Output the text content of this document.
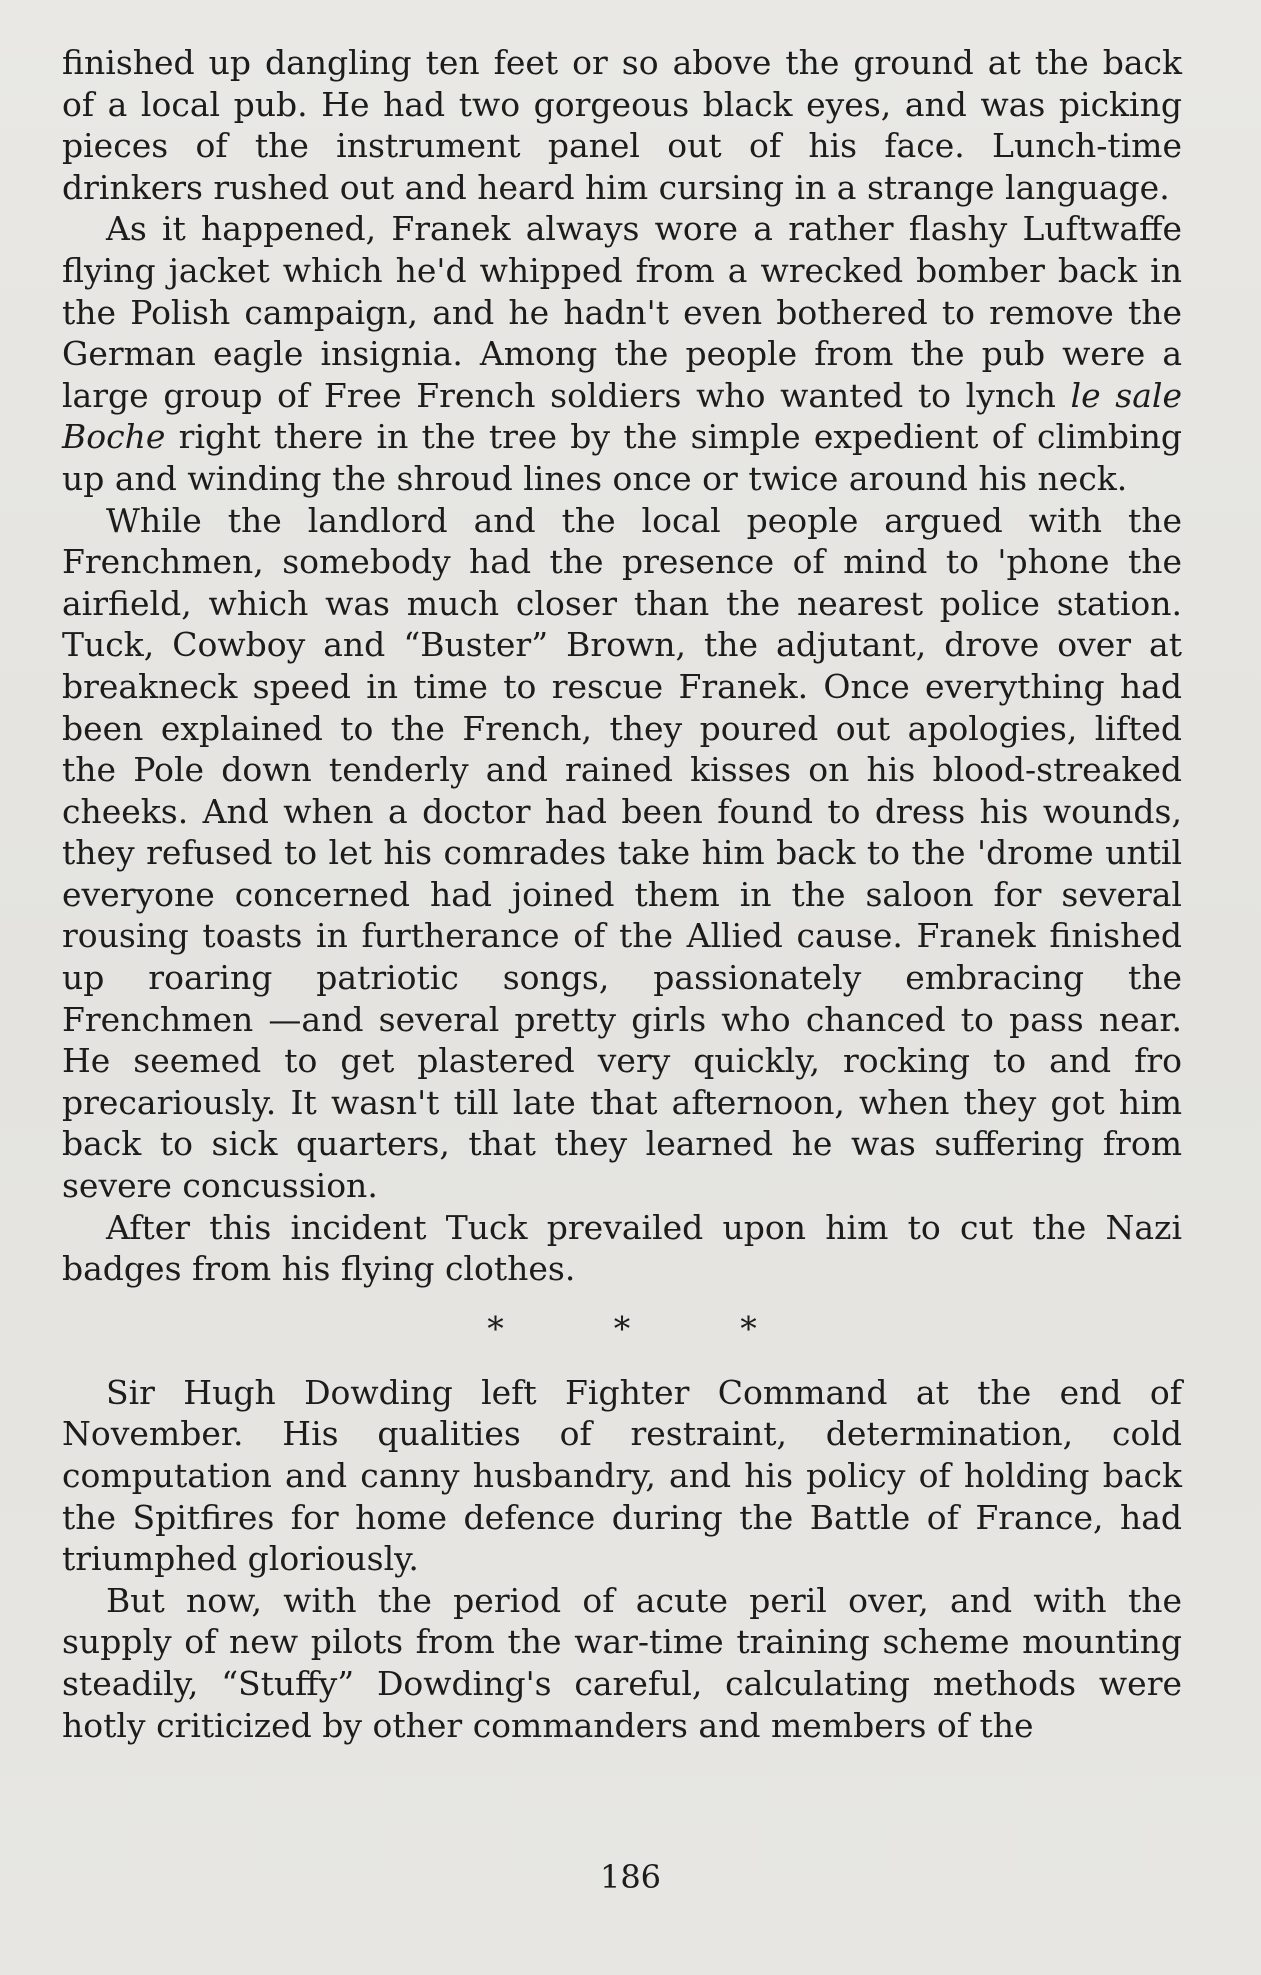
finished up dangling ten feet or so above the ground at the back of a local pub. He had two gorgeous black eyes, and was picking pieces of the instrument panel out of his face. Lunch-time drinkers rushed out and heard him cursing in a strange language.

As it happened, Franek always wore a rather flashy Luftwaffe flying jacket which he'd whipped from a wrecked bomber back in the Polish campaign, and he hadn't even bothered to remove the German eagle insignia. Among the people from the pub were a large group of Free French soldiers who wanted to lynch le sale Boche right there in the tree by the simple expedient of climbing up and winding the shroud lines once or twice around his neck.

While the landlord and the local people argued with the Frenchmen, somebody had the presence of mind to 'phone the airfield, which was much closer than the nearest police station. Tuck, Cowboy and “Buster” Brown, the adjutant, drove over at breakneck speed in time to rescue Franek. Once everything had been explained to the French, they poured out apologies, lifted the Pole down tenderly and rained kisses on his blood-streaked cheeks. And when a doctor had been found to dress his wounds, they refused to let his comrades take him back to the 'drome until everyone concerned had joined them in the saloon for several rousing toasts in furtherance of the Allied cause. Franek finished up roaring patriotic songs, passionately embracing the Frenchmen —and several pretty girls who chanced to pass near. He seemed to get plastered very quickly, rocking to and fro precariously. It wasn't till late that afternoon, when they got him back to sick quarters, that they learned he was suffering from severe concussion.

After this incident Tuck prevailed upon him to cut the Nazi badges from his flying clothes.

*	*	*

Sir Hugh Dowding left Fighter Command at the end of November. His qualities of restraint, determination, cold computation and canny husbandry, and his policy of holding back the Spitfires for home defence during the Battle of France, had triumphed gloriously.

But now, with the period of acute peril over, and with the supply of new pilots from the war-time training scheme mounting steadily, “Stuffy” Dowding's careful, calculating methods were hotly criticized by other commanders and members of the

186
